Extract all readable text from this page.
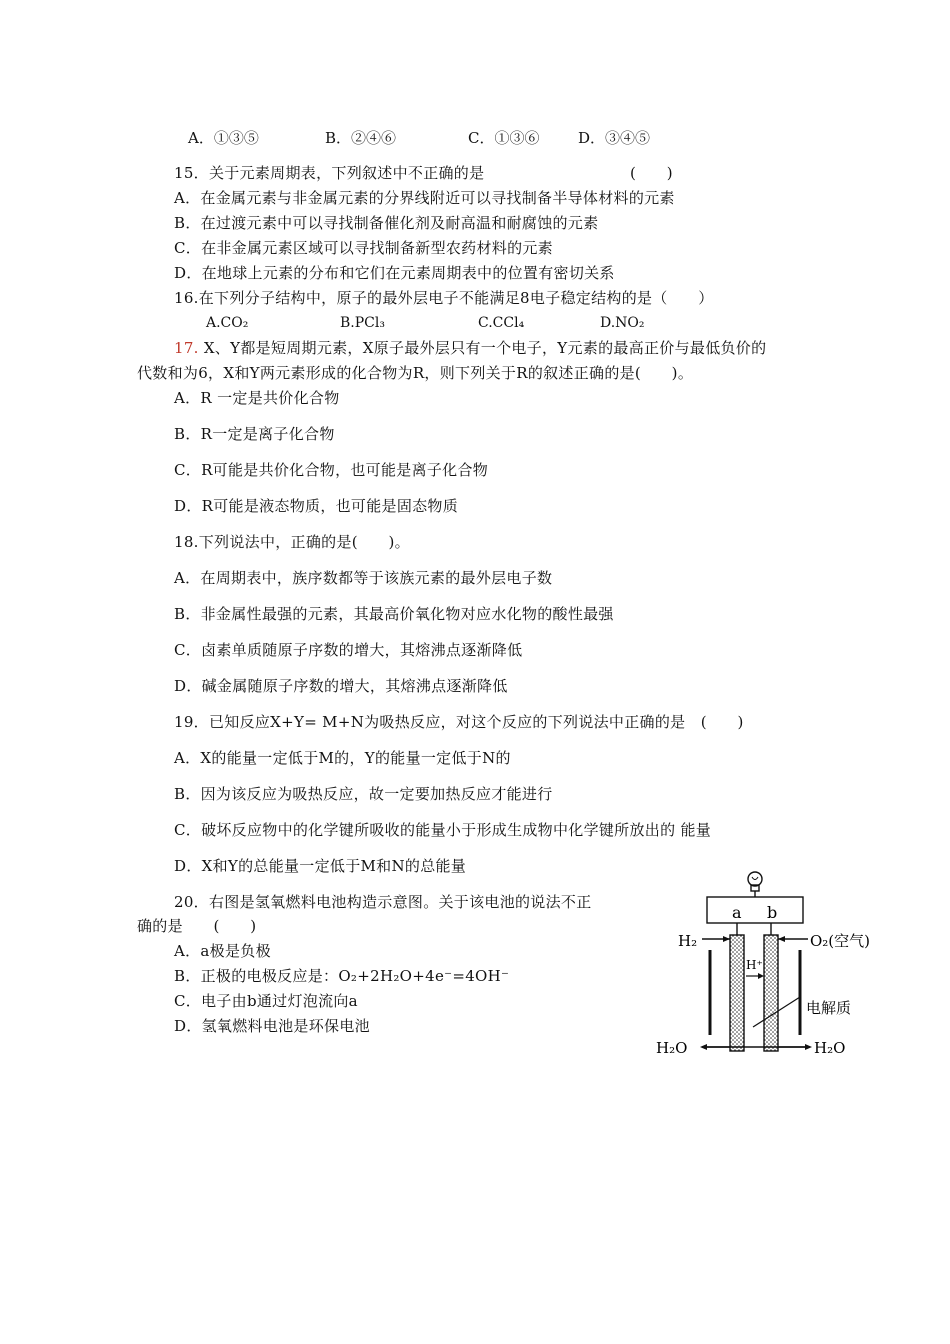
A．①③⑤	B．②④⑥	C．①③⑥	D．③④⑤
15．关于元素周期表，下列叙述中不正确的是	(　　)
A．在金属元素与非金属元素的分界线附近可以寻找制备半导体材料的元素
B．在过渡元素中可以寻找制备催化剂及耐高温和耐腐蚀的元素
C．在非金属元素区域可以寻找制备新型农药材料的元素
D．在地球上元素的分布和它们在元素周期表中的位置有密切关系
16.在下列分子结构中，原子的最外层电子不能满足8电子稳定结构的是（　　）
A.CO₂	B.PCl₃	C.CCl₄	D.NO₂
17. X、Y都是短周期元素，X原子最外层只有一个电子，Y元素的最高正价与最低负价的
代数和为6，X和Y两元素形成的化合物为R，则下列关于R的叙述正确的是(　　)。
A．R 一定是共价化合物
B．R一定是离子化合物
C．R可能是共价化合物，也可能是离子化合物
D．R可能是液态物质，也可能是固态物质
18.下列说法中，正确的是(　　)。
A．在周期表中，族序数都等于该族元素的最外层电子数
B．非金属性最强的元素，其最高价氧化物对应水化物的酸性最强
C．卤素单质随原子序数的增大，其熔沸点逐渐降低
D．碱金属随原子序数的增大，其熔沸点逐渐降低
19．已知反应X+Y= M+N为吸热反应，对这个反应的下列说法中正确的是　(　　)
A．X的能量一定低于M的，Y的能量一定低于N的
B．因为该反应为吸热反应，故一定要加热反应才能进行
C．破坏反应物中的化学键所吸收的能量小于形成生成物中化学键所放出的 能量
D．X和Y的总能量一定低于M和N的总能量
20．右图是氢氧燃料电池构造示意图。关于该电池的说法不正
确的是　　(　　)
A．a极是负极
B．正极的电极反应是：O₂+2H₂O+4e⁻=4OH⁻
C．电子由b通过灯泡流向a
D．氢氧燃料电池是环保电池
a b
H₂	O₂(空气)
H⁺
电解质
H₂O	H₂O
